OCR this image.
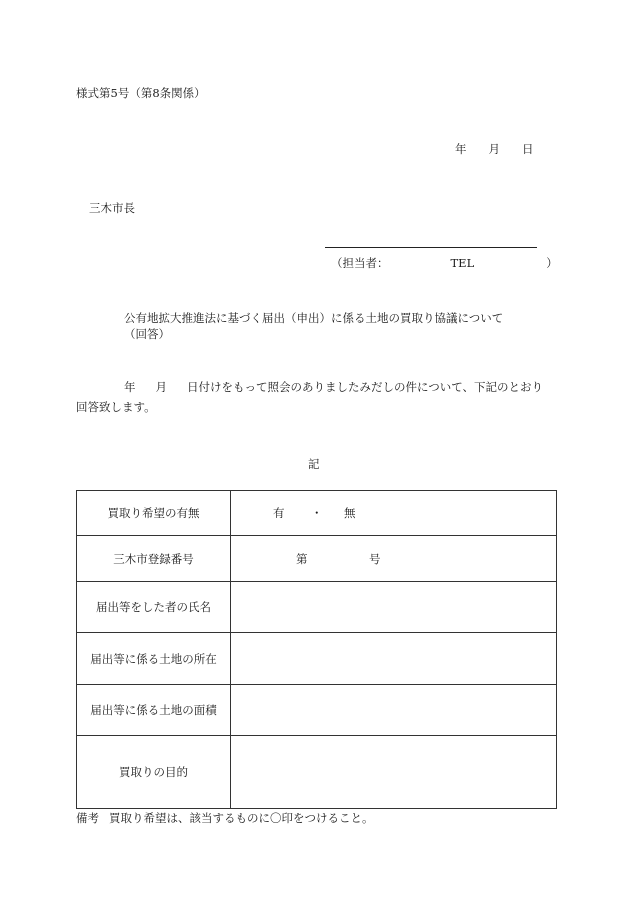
様式第5号（第8条関係）
年 月 日
三木市長
（担当者：	TEL	）
公有地拡大推進法に基づく届出（申出）に係る土地の買取り協議について
（回答）
年 月 日付けをもって照会のありましたみだしの件について、下記のとおり回答致します。
記
買取り希望の有無	有 ・ 無

三木市登録番号	第 号

届出等をした者の氏名	
届出等に係る土地の所在	
届出等に係る土地の面積	
買取りの目的	
備考 買取り希望は、該当するものに〇印をつけること。
